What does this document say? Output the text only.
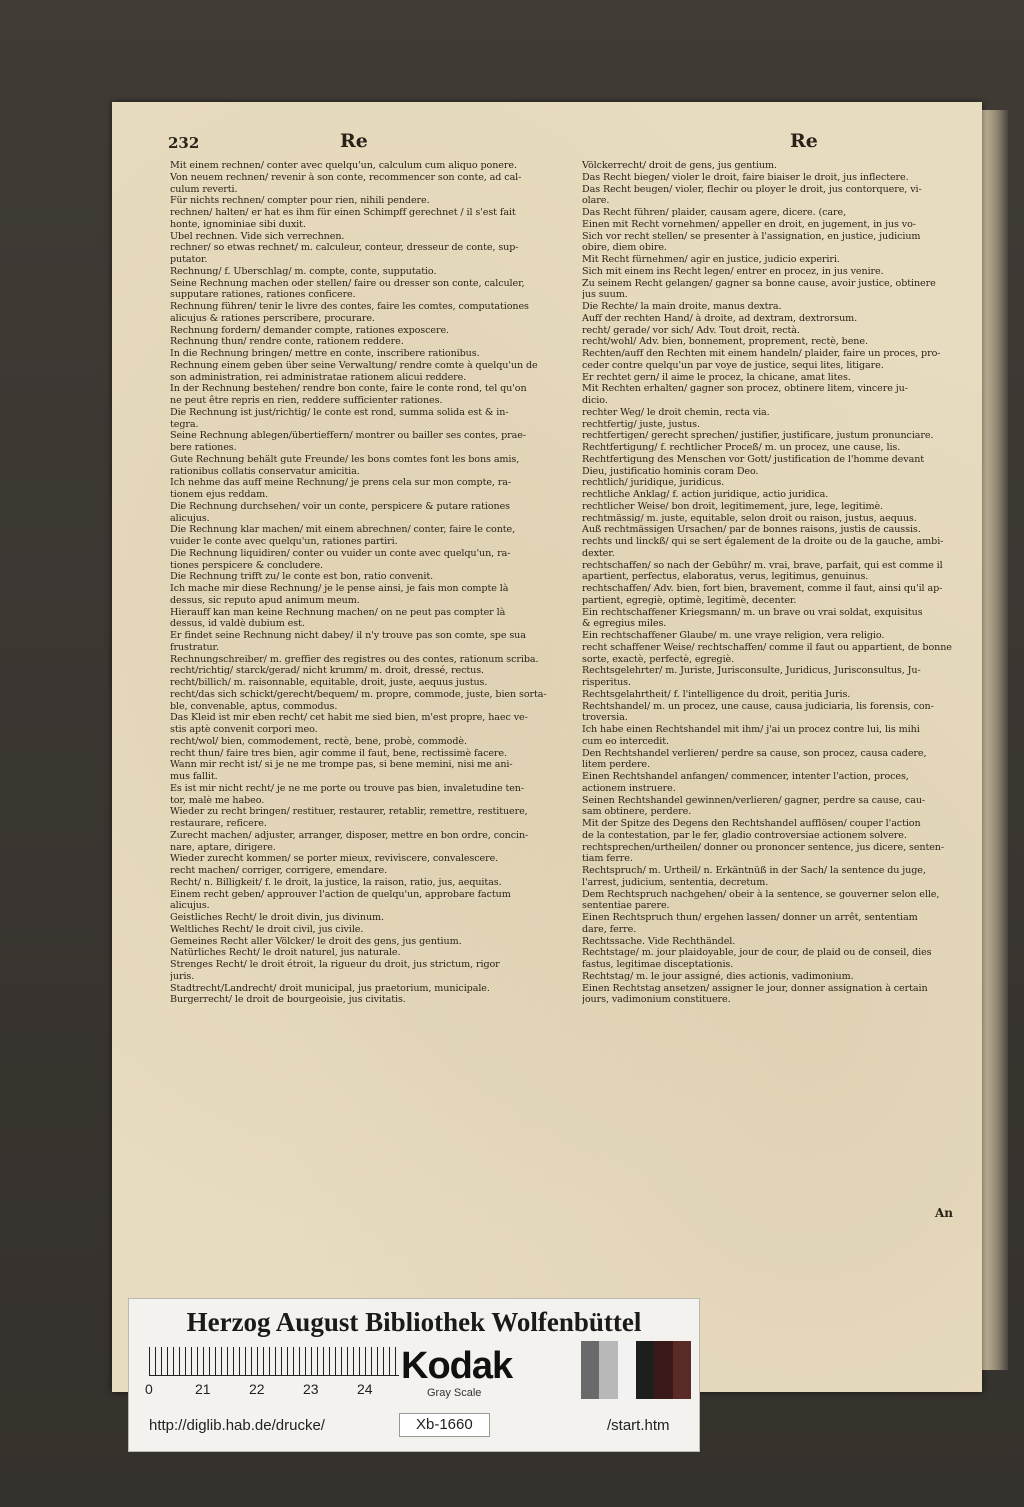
232	Re	Re

Mit einem rechnen/ conter avec quelqu'un, calculum cum aliquo ponere.

Von neuem rechnen/ revenir à son conte, recommencer son conte, ad cal-

culum reverti.

Für nichts rechnen/ compter pour rien, nihili pendere.

rechnen/ halten/ er hat es ihm für einen Schimpff gerechnet / il s'est fait

honte, ignominiae sibi duxit.

Ubel rechnen. Vide sich verrechnen.

rechner/ so etwas rechnet/ m. calculeur, conteur, dresseur de conte, sup-

putator.

Rechnung/ f. Uberschlag/ m. compte, conte, supputatio.

Seine Rechnung machen oder stellen/ faire ou dresser son conte, calculer,

supputare rationes, rationes conficere.

Rechnung führen/ tenir le livre des contes, faire les comtes, computationes

alicujus & rationes perscribere, procurare.

Rechnung fordern/ demander compte, rationes exposcere.

Rechnung thun/ rendre conte, rationem reddere.

In die Rechnung bringen/ mettre en conte, inscribere rationibus.

Rechnung einem geben über seine Verwaltung/ rendre comte à quelqu'un de

son administration, rei administratae rationem alicui reddere.

In der Rechnung bestehen/ rendre bon conte, faire le conte rond, tel qu'on

ne peut être repris en rien, reddere sufficienter rationes.

Die Rechnung ist just/richtig/ le conte est rond, summa solida est & in-

tegra.

Seine Rechnung ablegen/übertieffern/ montrer ou bailler ses contes, prae-

bere rationes.

Gute Rechnung behält gute Freunde/ les bons comtes font les bons amis,

rationibus collatis conservatur amicitia.

Ich nehme das auff meine Rechnung/ je prens cela sur mon compte, ra-

tionem ejus reddam.

Die Rechnung durchsehen/ voir un conte, perspicere & putare rationes

alicujus.

Die Rechnung klar machen/ mit einem abrechnen/ conter, faire le conte,

vuider le conte avec quelqu'un, rationes partiri.

Die Rechnung liquidiren/ conter ou vuider un conte avec quelqu'un, ra-

tiones perspicere & concludere.

Die Rechnung trifft zu/ le conte est bon, ratio convenit.

Ich mache mir diese Rechnung/ je le pense ainsi, je fais mon compte là

dessus, sic reputo apud animum meum.

Hierauff kan man keine Rechnung machen/ on ne peut pas compter là

dessus, id valdè dubium est.

Er findet seine Rechnung nicht dabey/ il n'y trouve pas son comte, spe sua

frustratur.

Rechnungschreiber/ m. greffier des registres ou des contes, rationum scriba.

recht/richtig/ starck/gerad/ nicht krumm/ m. droit, dressé, rectus.

recht/billich/ m. raisonnable, equitable, droit, juste, aequus justus.

recht/das sich schickt/gerecht/bequem/ m. propre, commode, juste, bien sorta-

ble, convenable, aptus, commodus.

Das Kleid ist mir eben recht/ cet habit me sied bien, m'est propre, haec ve-

stis aptè convenit corpori meo.

recht/wol/ bien, commodement, rectè, bene, probè, commodè.

recht thun/ faire tres bien, agir comme il faut, bene, rectissimè facere.

Wann mir recht ist/ si je ne me trompe pas, si bene memini, nisi me ani-

mus fallit.

Es ist mir nicht recht/ je ne me porte ou trouve pas bien, invaletudine ten-

tor, malè me habeo.

Wieder zu recht bringen/ restituer, restaurer, retablir, remettre, restituere,

restaurare, reficere.

Zurecht machen/ adjuster, arranger, disposer, mettre en bon ordre, concin-

nare, aptare, dirigere.

Wieder zurecht kommen/ se porter mieux, revivìscere, convalescere.

recht machen/ corriger, corrigere, emendare.

Recht/ n. Billigkeit/ f. le droit, la justice, la raison, ratio, jus, aequitas.

Einem recht geben/ approuver l'action de quelqu'un, approbare factum

alicujus.

Geistliches Recht/ le droit divin, jus divinum.

Weltliches Recht/ le droit civil, jus civile.

Gemeines Recht aller Völcker/ le droit des gens, jus gentium.

Natürliches Recht/ le droit naturel, jus naturale.

Strenges Recht/ le droit étroit, la rigueur du droit, jus strictum, rigor

juris.

Stadtrecht/Landrecht/ droit municipal, jus praetorium, municipale.

Burgerrecht/ le droit de bourgeoisie, jus civitatis.

Völckerrecht/ droit de gens, jus gentium.

Das Recht biegen/ violer le droit, faire biaiser le droit, jus inflectere.

Das Recht beugen/ violer, flechir ou ployer le droit, jus contorquere, vi-

olare.

Das Recht führen/ plaider, causam agere, dicere. (care,

Einen mit Recht vornehmen/ appeller en droit, en jugement, in jus vo-

Sich vor recht stellen/ se presenter à l'assignation, en justice, judicium

obire, diem obire.

Mit Recht fürnehmen/ agir en justice, judicio experiri.

Sich mit einem ins Recht legen/ entrer en procez, in jus venire.

Zu seinem Recht gelangen/ gagner sa bonne cause, avoir justice, obtinere

jus suum.

Die Rechte/ la main droite, manus dextra.

Auff der rechten Hand/ à droite, ad dextram, dextrorsum.

recht/ gerade/ vor sich/ Adv. Tout droit, rectà.

recht/wohl/ Adv. bien, bonnement, proprement, rectè, bene.

Rechten/auff den Rechten mit einem handeln/ plaider, faire un proces, pro-

ceder contre quelqu'un par voye de justice, sequi lites, litigare.

Er rechtet gern/ il aime le procez, la chicane, amat lites.

Mit Rechten erhalten/ gagner son procez, obtinere litem, vincere ju-

dicio.

rechter Weg/ le droit chemin, recta via.

rechtfertig/ juste, justus.

rechtfertigen/ gerecht sprechen/ justifier, justificare, justum pronunciare.

Rechtfertigung/ f. rechtlicher Proceß/ m. un procez, une cause, lis.

Rechtfertigung des Menschen vor Gott/ justification de l'homme devant

Dieu, justificatio hominis coram Deo.

rechtlich/ juridique, juridicus.

rechtliche Anklag/ f. action juridique, actio juridica.

rechtlicher Weise/ bon droit, legitimement, jure, lege, legitimè.

rechtmässig/ m. juste, equitable, selon droit ou raison, justus, aequus.

Auß rechtmässigen Ursachen/ par de bonnes raisons, justis de caussis.

rechts und linckß/ qui se sert également de la droite ou de la gauche, ambi-

dexter.

rechtschaffen/ so nach der Gebühr/ m. vrai, brave, parfait, qui est comme il

apartient, perfectus, elaboratus, verus, legitimus, genuinus.

rechtschaffen/ Adv. bien, fort bien, bravement, comme il faut, ainsi qu'il ap-

partient, egregiè, optimè, legitimè, decenter.

Ein rechtschaffener Kriegsmann/ m. un brave ou vrai soldat, exquisitus

& egregius miles.

Ein rechtschaffener Glaube/ m. une vraye religion, vera religio.

recht schaffener Weise/ rechtschaffen/ comme il faut ou appartient, de bonne

sorte, exactè, perfectè, egregiè.

Rechtsgelehrter/ m. Juriste, Jurisconsulte, Juridicus, Jurisconsultus, Ju-

risperitus.

Rechtsgelahrtheit/ f. l'intelligence du droit, peritia Juris.

Rechtshandel/ m. un procez, une cause, causa judiciaria, lis forensis, con-

troversia.

Ich habe einen Rechtshandel mit ihm/ j'ai un procez contre lui, lis mihi

cum eo intercedit.

Den Rechtshandel verlieren/ perdre sa cause, son procez, causa cadere,

litem perdere.

Einen Rechtshandel anfangen/ commencer, intenter l'action, proces,

actionem instruere.

Seinen Rechtshandel gewinnen/verlieren/ gagner, perdre sa cause, cau-

sam obtinere, perdere.

Mit der Spitze des Degens den Rechtshandel aufflösen/ couper l'action

de la contestation, par le fer, gladio controversiae actionem solvere.

rechtsprechen/urtheilen/ donner ou prononcer sentence, jus dicere, senten-

tiam ferre.

Rechtspruch/ m. Urtheil/ n. Erkäntnüß in der Sach/ la sentence du juge,

l'arrest, judicium, sententia, decretum.

Dem Rechtspruch nachgehen/ obeir à la sentence, se gouverner selon elle,

sententiae parere.

Einen Rechtspruch thun/ ergehen lassen/ donner un arrêt, sententiam

dare, ferre.

Rechtssache. Vide Rechthändel.

Rechtstage/ m. jour plaidoyable, jour de cour, de plaid ou de conseil, dies

fastus, legitimae disceptationis.

Rechtstag/ m. le jour assigné, dies actionis, vadimonium.

Einen Rechtstag ansetzen/ assigner le jour, donner assignation à certain

jours, vadimonium constituere.

An
Herzog August Bibliothek Wolfenbüttel
0	21	22	23	24
Kodak
Gray Scale
http://diglib.hab.de/drucke/	Xb-1660	/start.htm
